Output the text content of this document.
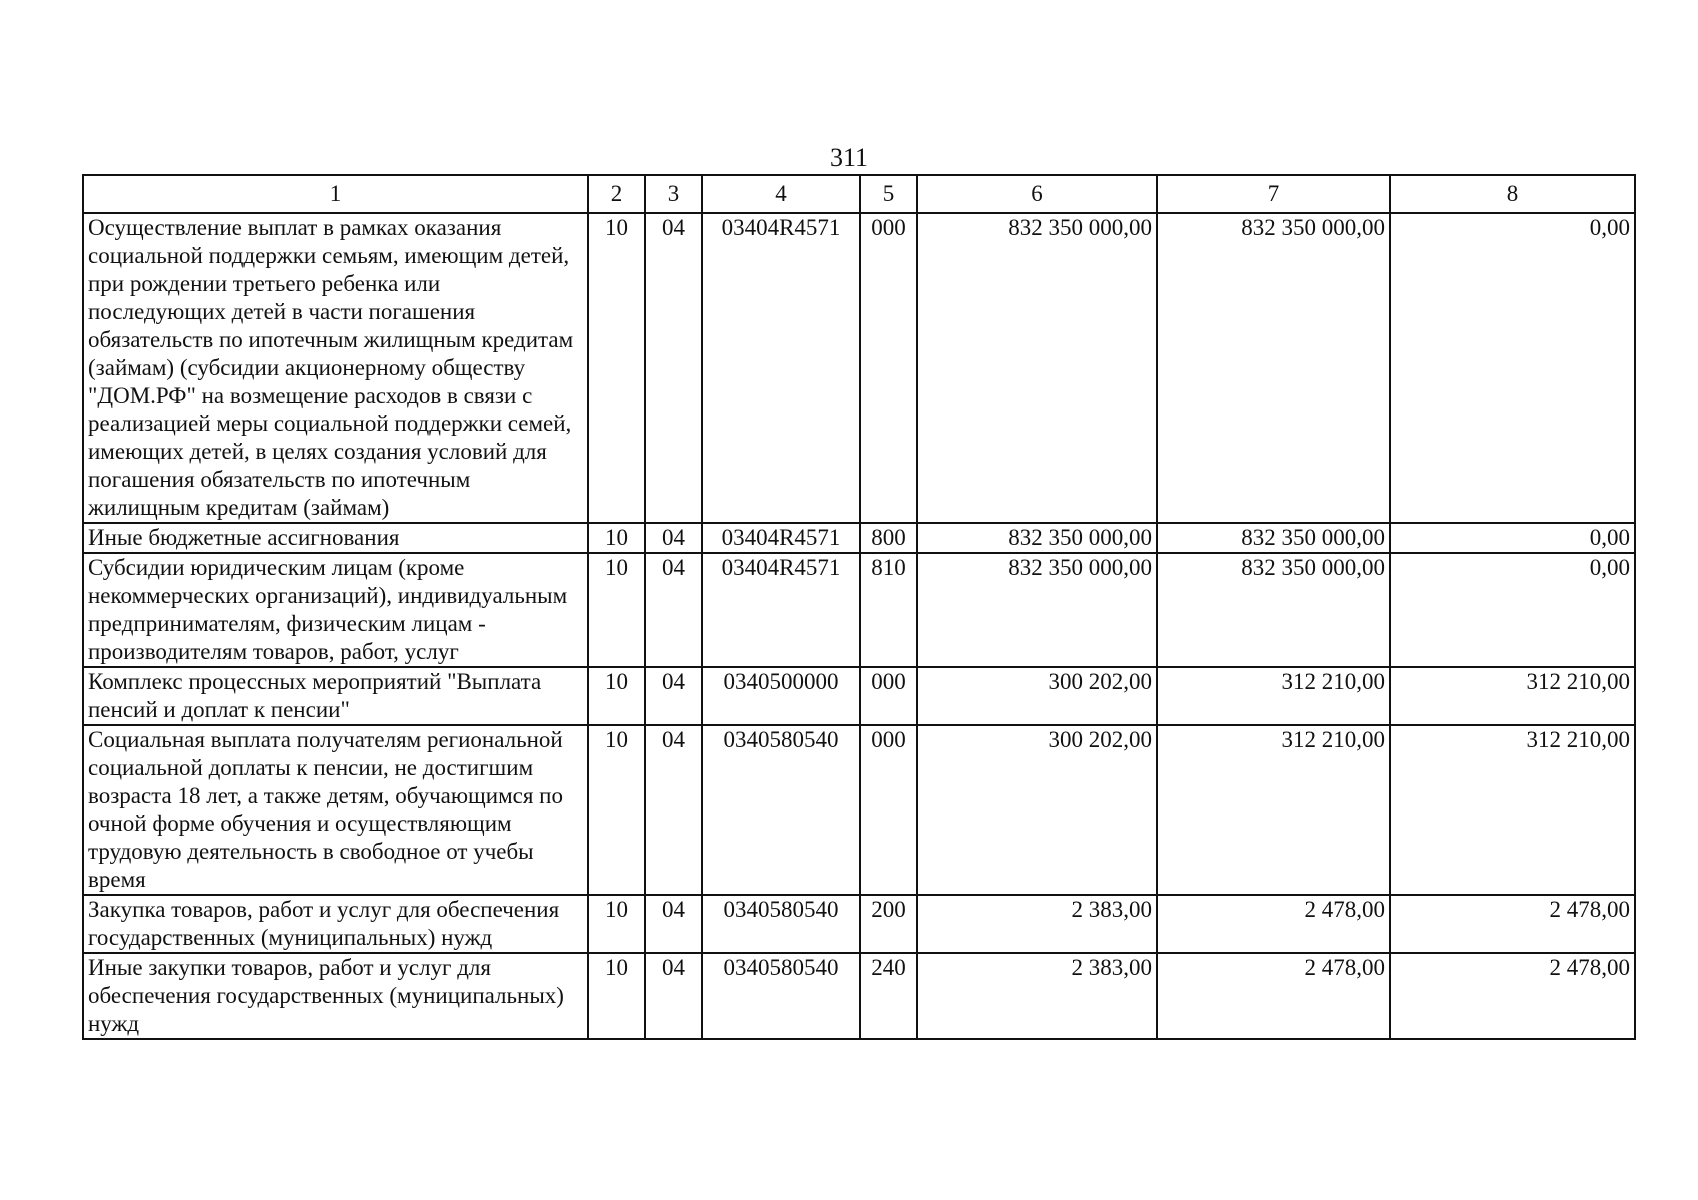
311
1	2	3	4	5	6	7	8
Осуществление выплат в рамках оказания социальной поддержки семьям, имеющим детей, при рождении третьего ребенка или последующих детей в части погашения обязательств по ипотечным жилищным кредитам (займам) (субсидии акционерному обществу "ДОМ.РФ" на возмещение расходов в связи с реализацией меры социальной поддержки семей, имеющих детей, в целях создания условий для погашения обязательств по ипотечным жилищным кредитам (займам)	10	04	03404R4571	000	832 350 000,00	832 350 000,00	0,00
Иные бюджетные ассигнования	10	04	03404R4571	800	832 350 000,00	832 350 000,00	0,00
Субсидии юридическим лицам (кроме некоммерческих организаций), индивидуальным предпринимателям, физическим лицам - производителям товаров, работ, услуг	10	04	03404R4571	810	832 350 000,00	832 350 000,00	0,00
Комплекс процессных мероприятий "Выплата пенсий и доплат к пенсии"	10	04	0340500000	000	300 202,00	312 210,00	312 210,00
Социальная выплата получателям региональной социальной доплаты к пенсии, не достигшим возраста 18 лет, а также детям, обучающимся по очной форме обучения и осуществляющим трудовую деятельность в свободное от учебы время	10	04	0340580540	000	300 202,00	312 210,00	312 210,00
Закупка товаров, работ и услуг для обеспечения государственных (муниципальных) нужд	10	04	0340580540	200	2 383,00	2 478,00	2 478,00
Иные закупки товаров, работ и услуг для обеспечения государственных (муниципальных) нужд	10	04	0340580540	240	2 383,00	2 478,00	2 478,00
